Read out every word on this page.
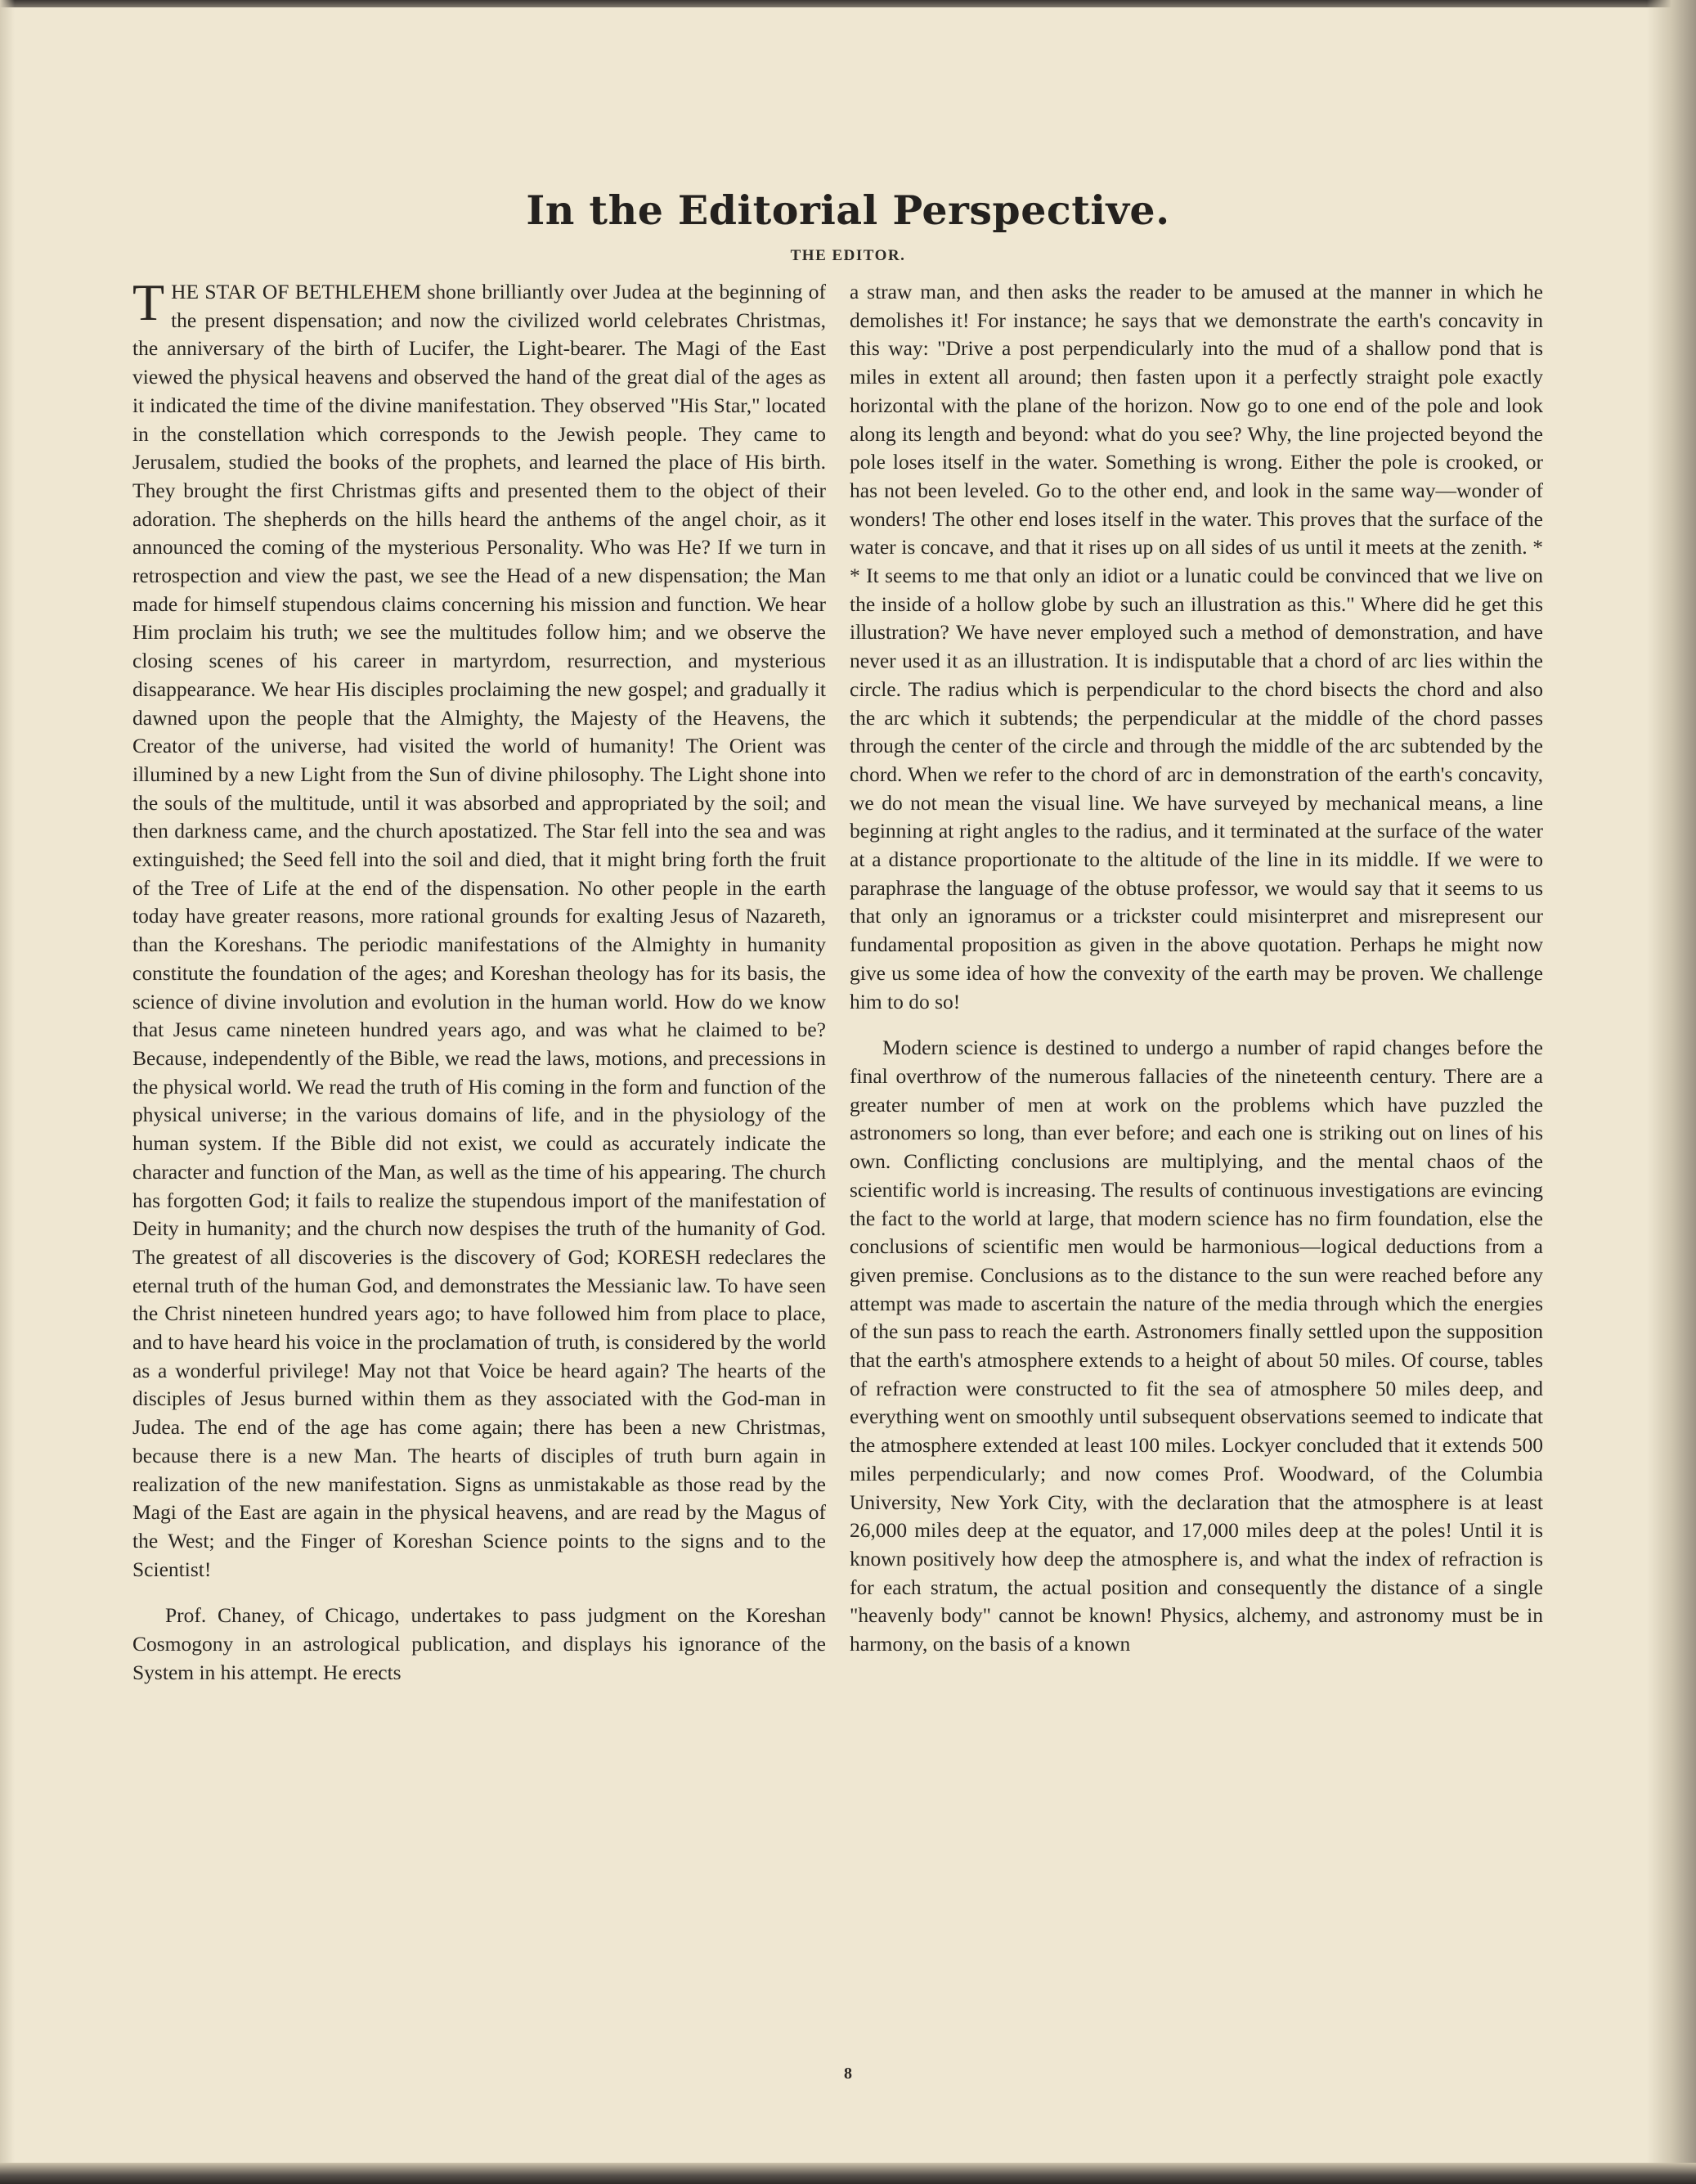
In the Editorial Perspective.
THE EDITOR.

THE STAR OF BETHLEHEM shone brilliantly over Judea at the beginning of the present dispensation; and now the civilized world celebrates Christmas, the anniversary of the birth of Lucifer, the Light-bearer. The Magi of the East viewed the physical heavens and observed the hand of the great dial of the ages as it indicated the time of the divine manifestation. They observed "His Star," located in the constellation which corresponds to the Jewish people. They came to Jerusalem, studied the books of the prophets, and learned the place of His birth. They brought the first Christmas gifts and presented them to the object of their adoration. The shepherds on the hills heard the anthems of the angel choir, as it announced the coming of the mysterious Personality. Who was He? If we turn in retrospection and view the past, we see the Head of a new dispensation; the Man made for himself stupendous claims concerning his mission and function. We hear Him proclaim his truth; we see the multitudes follow him; and we observe the closing scenes of his career in martyrdom, resurrection, and mysterious disappearance. We hear His disciples proclaiming the new gospel; and gradually it dawned upon the people that the Almighty, the Majesty of the Heavens, the Creator of the universe, had visited the world of humanity! The Orient was illumined by a new Light from the Sun of divine philosophy. The Light shone into the souls of the multitude, until it was absorbed and appropriated by the soil; and then darkness came, and the church apostatized. The Star fell into the sea and was extinguished; the Seed fell into the soil and died, that it might bring forth the fruit of the Tree of Life at the end of the dispensation. No other people in the earth today have greater reasons, more rational grounds for exalting Jesus of Nazareth, than the Koreshans. The periodic manifestations of the Almighty in humanity constitute the foundation of the ages; and Koreshan theology has for its basis, the science of divine involution and evolution in the human world. How do we know that Jesus came nineteen hundred years ago, and was what he claimed to be? Because, independently of the Bible, we read the laws, motions, and precessions in the physical world. We read the truth of His coming in the form and function of the physical universe; in the various domains of life, and in the physiology of the human system. If the Bible did not exist, we could as accurately indicate the character and function of the Man, as well as the time of his appearing. The church has forgotten God; it fails to realize the stupendous import of the manifestation of Deity in humanity; and the church now despises the truth of the humanity of God. The greatest of all discoveries is the discovery of God; KORESH redeclares the eternal truth of the human God, and demonstrates the Messianic law. To have seen the Christ nineteen hundred years ago; to have followed him from place to place, and to have heard his voice in the proclamation of truth, is considered by the world as a wonderful privilege! May not that Voice be heard again? The hearts of the disciples of Jesus burned within them as they associated with the God-man in Judea. The end of the age has come again; there has been a new Christmas, because there is a new Man. The hearts of disciples of truth burn again in realization of the new manifestation. Signs as unmistakable as those read by the Magi of the East are again in the physical heavens, and are read by the Magus of the West; and the Finger of Koreshan Science points to the signs and to the Scientist!

Prof. Chaney, of Chicago, undertakes to pass judgment on the Koreshan Cosmogony in an astrological publication, and displays his ignorance of the System in his attempt. He erects

a straw man, and then asks the reader to be amused at the manner in which he demolishes it! For instance; he says that we demonstrate the earth's concavity in this way: "Drive a post perpendicularly into the mud of a shallow pond that is miles in extent all around; then fasten upon it a perfectly straight pole exactly horizontal with the plane of the horizon. Now go to one end of the pole and look along its length and beyond: what do you see? Why, the line projected beyond the pole loses itself in the water. Something is wrong. Either the pole is crooked, or has not been leveled. Go to the other end, and look in the same way—wonder of wonders! The other end loses itself in the water. This proves that the surface of the water is concave, and that it rises up on all sides of us until it meets at the zenith. * * It seems to me that only an idiot or a lunatic could be convinced that we live on the inside of a hollow globe by such an illustration as this." Where did he get this illustration? We have never employed such a method of demonstration, and have never used it as an illustration. It is indisputable that a chord of arc lies within the circle. The radius which is perpendicular to the chord bisects the chord and also the arc which it subtends; the perpendicular at the middle of the chord passes through the center of the circle and through the middle of the arc subtended by the chord. When we refer to the chord of arc in demonstration of the earth's concavity, we do not mean the visual line. We have surveyed by mechanical means, a line beginning at right angles to the radius, and it terminated at the surface of the water at a distance proportionate to the altitude of the line in its middle. If we were to paraphrase the language of the obtuse professor, we would say that it seems to us that only an ignoramus or a trickster could misinterpret and misrepresent our fundamental proposition as given in the above quotation. Perhaps he might now give us some idea of how the convexity of the earth may be proven. We challenge him to do so!

Modern science is destined to undergo a number of rapid changes before the final overthrow of the numerous fallacies of the nineteenth century. There are a greater number of men at work on the problems which have puzzled the astronomers so long, than ever before; and each one is striking out on lines of his own. Conflicting conclusions are multiplying, and the mental chaos of the scientific world is increasing. The results of continuous investigations are evincing the fact to the world at large, that modern science has no firm foundation, else the conclusions of scientific men would be harmonious—logical deductions from a given premise. Conclusions as to the distance to the sun were reached before any attempt was made to ascertain the nature of the media through which the energies of the sun pass to reach the earth. Astronomers finally settled upon the supposition that the earth's atmosphere extends to a height of about 50 miles. Of course, tables of refraction were constructed to fit the sea of atmosphere 50 miles deep, and everything went on smoothly until subsequent observations seemed to indicate that the atmosphere extended at least 100 miles. Lockyer concluded that it extends 500 miles perpendicularly; and now comes Prof. Woodward, of the Columbia University, New York City, with the declaration that the atmosphere is at least 26,000 miles deep at the equator, and 17,000 miles deep at the poles! Until it is known positively how deep the atmosphere is, and what the index of refraction is for each stratum, the actual position and consequently the distance of a single "heavenly body" cannot be known! Physics, alchemy, and astronomy must be in harmony, on the basis of a known

8
